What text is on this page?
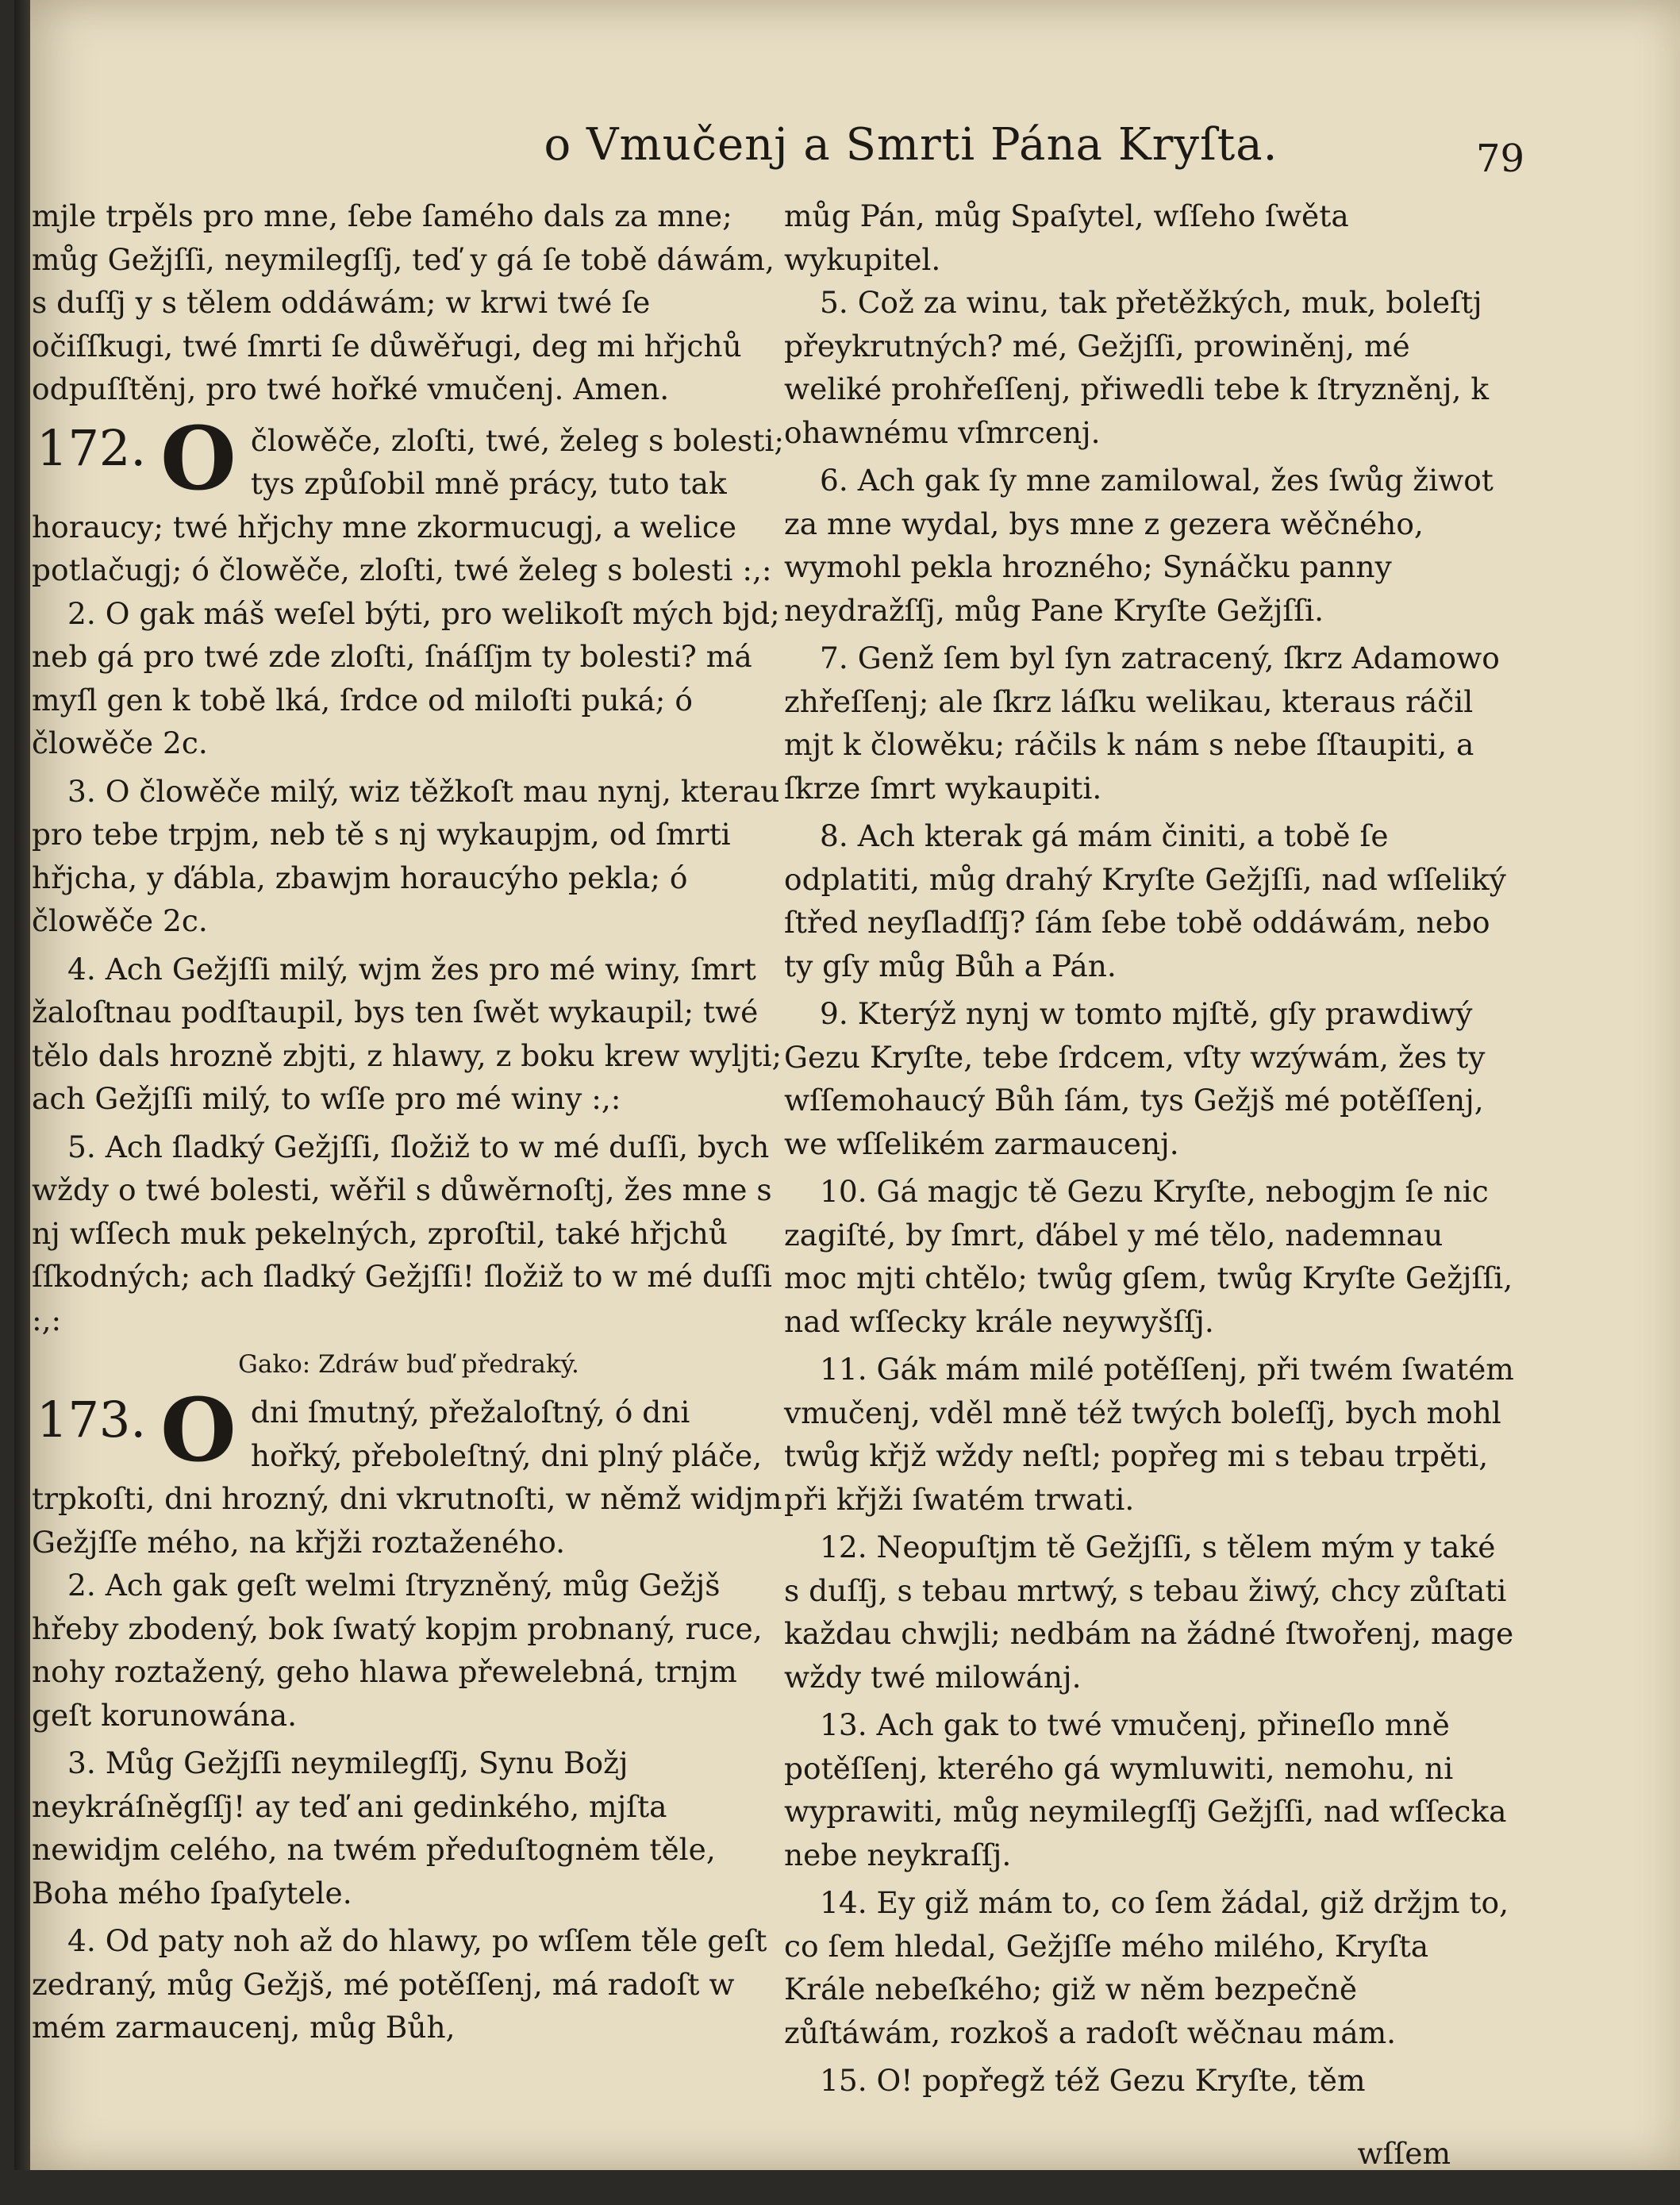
o Vmučenj a Smrti Pána Kryſta.	79

mjle trpěls pro mne, ſebe ſamého dals za mne; můg Gežjſſi, neymilegſſj, teď y gá ſe tobě dáwám, s duſſj y s tělem oddáwám; w krwi twé ſe očiſſkugi, twé ſmrti ſe důwěřugi, deg mi hřjchů odpuſſtěnj, pro twé hořké vmučenj. Amen.

172. O člowěče, zloſti, twé, želeg s bolesti; tys způſobil mně prácy, tuto tak horaucy; twé hřjchy mne zkormucugj, a welice potlačugj; ó člowěče, zloſti, twé želeg s bolesti :,:

2. O gak máš weſel býti, pro welikoſt mých bjd; neb gá pro twé zde zloſti, ſnáſſjm ty bolesti? má myſl gen k tobě lká, ſrdce od miloſti puká; ó člowěče 2c.

3. O člowěče milý, wiz těžkoſt mau nynj, kterau pro tebe trpjm, neb tě s nj wykaupjm, od ſmrti hřjcha, y ďábla, zbawjm horaucýho pekla; ó člowěče 2c.

4. Ach Gežjſſi milý, wjm žes pro mé winy, ſmrt žaloſtnau podſtaupil, bys ten ſwět wykaupil; twé tělo dals hrozně zbjti, z hlawy, z boku krew wyljti; ach Gežjſſi milý, to wſſe pro mé winy :,:

5. Ach ſladký Gežjſſi, ſložiž to w mé duſſi, bych wždy o twé bolesti, wěřil s důwěrnoſtj, žes mne s nj wſſech muk pekelných, zproſtil, také hřjchů ſſkodných; ach ſladký Gežjſſi! ſložiž to w mé duſſi :,:

Gako: Zdráw buď předraký.

173. O dni ſmutný, přežaloſtný, ó dni hořký, přeboleſtný, dni plný pláče, trpkoſti, dni hrozný, dni vkrutnoſti, w němž widjm Gežjſſe mého, na křjži roztaženého.

2. Ach gak geſt welmi ſtryzněný, můg Gežjš hřeby zbodený, bok ſwatý kopjm probnaný, ruce, nohy roztažený, geho hlawa přewelebná, trnjm geſt korunowána.

3. Můg Gežjſſi neymilegſſj, Synu Božj neykráſněgſſj! ay teď ani gedinkého, mjſta newidjm celého, na twém předuſtognėm těle, Boha mého ſpaſytele.

4. Od paty noh až do hlawy, po wſſem těle geſt zedraný, můg Gežjš, mé potěſſenj, má radoſt w mém zarmaucenj, můg Bůh,

můg Pán, můg Spaſytel, wſſeho ſwěta wykupitel.

5. Což za winu, tak přetěžkých, muk, boleſtj přeykrutných? mé, Gežjſſi, prowiněnj, mé weliké prohřeſſenj, přiwedli tebe k ſtryzněnj, k ohawnému vſmrcenj.

6. Ach gak ſy mne zamilowal, žes ſwůg žiwot za mne wydal, bys mne z gezera wěčného, wymohl pekla hrozného; Synáčku panny neydražſſj, můg Pane Kryſte Gežjſſi.

7. Genž ſem byl ſyn zatracený, ſkrz Adamowo zhřeſſenj; ale ſkrz láſku welikau, kteraus ráčil mjt k člowěku; ráčils k nám s nebe ſſtaupiti, a ſkrze ſmrt wykaupiti.

8. Ach kterak gá mám činiti, a tobě ſe odplatiti, můg drahý Kryſte Gežjſſi, nad wſſeliký ſtřed neyſladſſj? ſám ſebe tobě oddáwám, nebo ty gſy můg Bůh a Pán.

9. Kterýž nynj w tomto mjſtě, gſy prawdiwý Gezu Kryſte, tebe ſrdcem, vſty wzýwám, žes ty wſſemohaucý Bůh ſám, tys Gežjš mé potěſſenj, we wſſelikém zarmaucenj.

10. Gá magjc tě Gezu Kryſte, nebogjm ſe nic zagiſté, by ſmrt, ďábel y mé tělo, nademnau moc mjti chtělo; twůg gſem, twůg Kryſte Gežjſſi, nad wſſecky krále neywyšſſj.

11. Gák mám milé potěſſenj, při twém ſwatém vmučenj, vděl mně též twých boleſſj, bych mohl twůg křjž wždy neſtl; popřeg mi s tebau trpěti, při křjži ſwatém trwati.

12. Neopuſtjm tě Gežjſſi, s tělem mým y také s duſſj, s tebau mrtwý, s tebau žiwý, chcy zůſtati každau chwjli; nedbám na žádné ſtwořenj, mage wždy twé milowánj.

13. Ach gak to twé vmučenj, přineſlo mně potěſſenj, kterého gá wymluwiti, nemohu, ni wyprawiti, můg neymilegſſj Gežjſſi, nad wſſecka nebe neykraſſj.

14. Ey giž mám to, co ſem žádal, giž držjm to, co ſem hledal, Gežjſſe mého milého, Kryſta Krále nebeſkého; giž w něm bezpečně zůſtáwám, rozkoš a radoſt wěčnau mám.

15. O! popřegž též Gezu Kryſte, těm

wſſem
